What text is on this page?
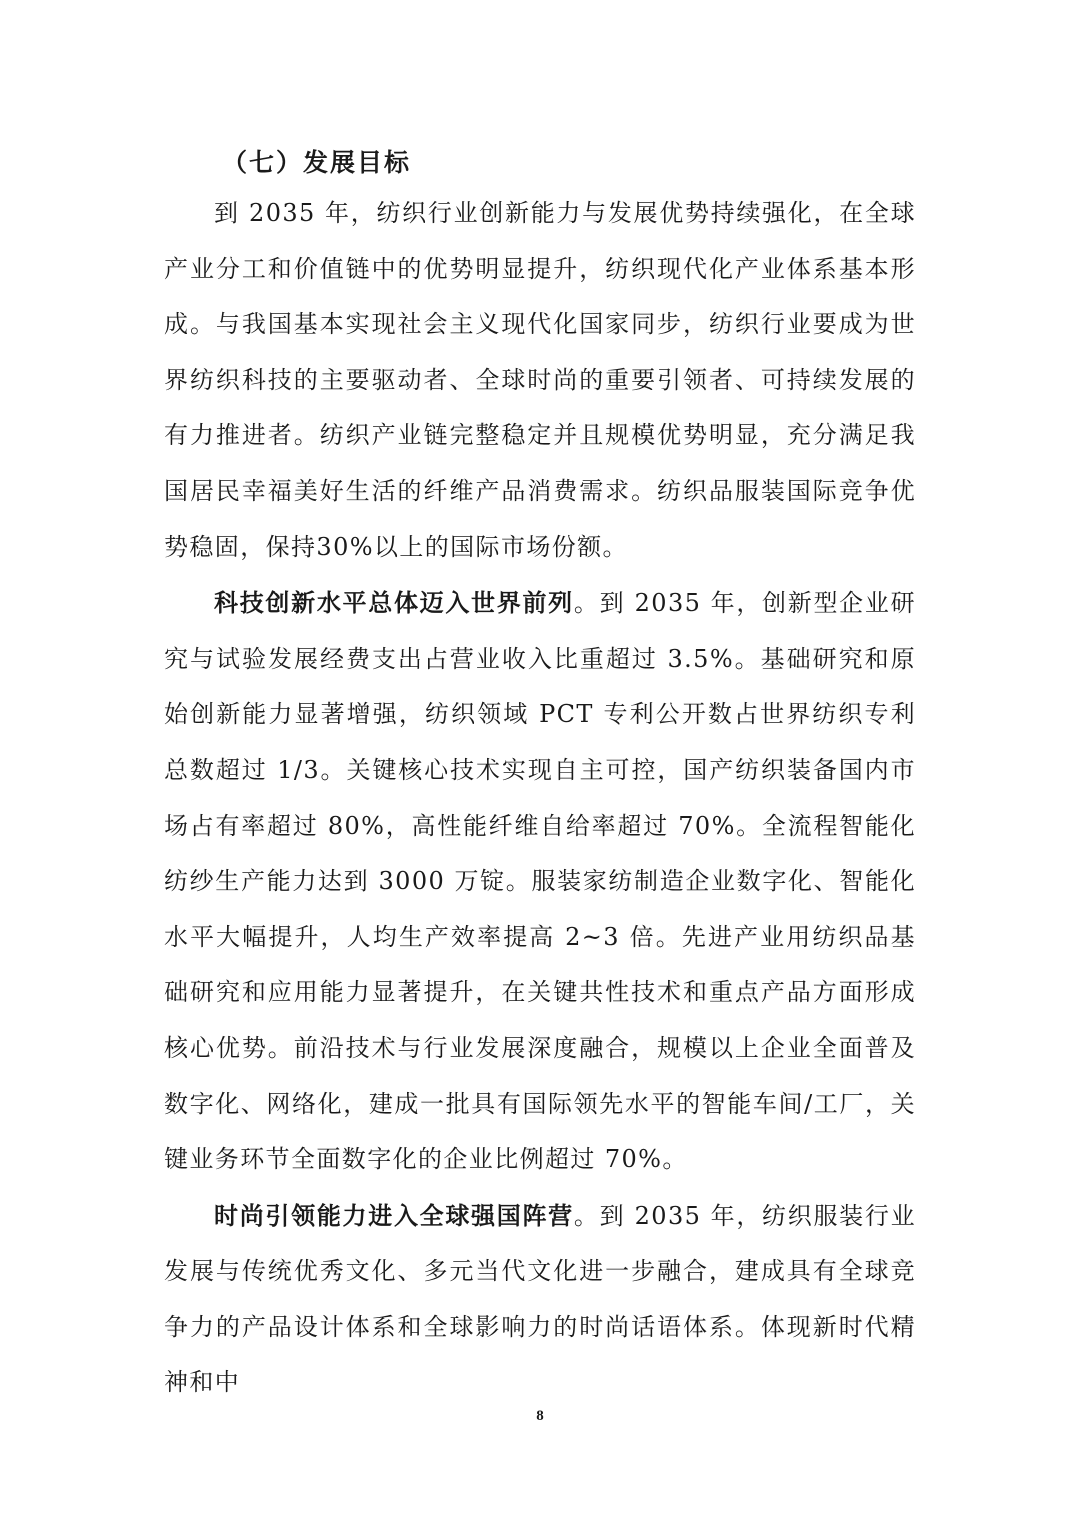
（七）发展目标

到 2035 年，纺织行业创新能力与发展优势持续强化，在全球产业分工和价值链中的优势明显提升，纺织现代化产业体系基本形成。与我国基本实现社会主义现代化国家同步，纺织行业要成为世界纺织科技的主要驱动者、全球时尚的重要引领者、可持续发展的有力推进者。纺织产业链完整稳定并且规模优势明显，充分满足我国居民幸福美好生活的纤维产品消费需求。纺织品服装国际竞争优势稳固，保持30%以上的国际市场份额。

科技创新水平总体迈入世界前列。到 2035 年，创新型企业研究与试验发展经费支出占营业收入比重超过 3.5%。基础研究和原始创新能力显著增强，纺织领域 PCT 专利公开数占世界纺织专利总数超过 1/3。关键核心技术实现自主可控，国产纺织装备国内市场占有率超过 80%，高性能纤维自给率超过 70%。全流程智能化纺纱生产能力达到 3000 万锭。服装家纺制造企业数字化、智能化水平大幅提升，人均生产效率提高 2~3 倍。先进产业用纺织品基础研究和应用能力显著提升，在关键共性技术和重点产品方面形成核心优势。前沿技术与行业发展深度融合，规模以上企业全面普及数字化、网络化，建成一批具有国际领先水平的智能车间/工厂，关键业务环节全面数字化的企业比例超过 70%。

时尚引领能力进入全球强国阵营。到 2035 年，纺织服装行业发展与传统优秀文化、多元当代文化进一步融合，建成具有全球竞争力的产品设计体系和全球影响力的时尚话语体系。体现新时代精神和中

8
